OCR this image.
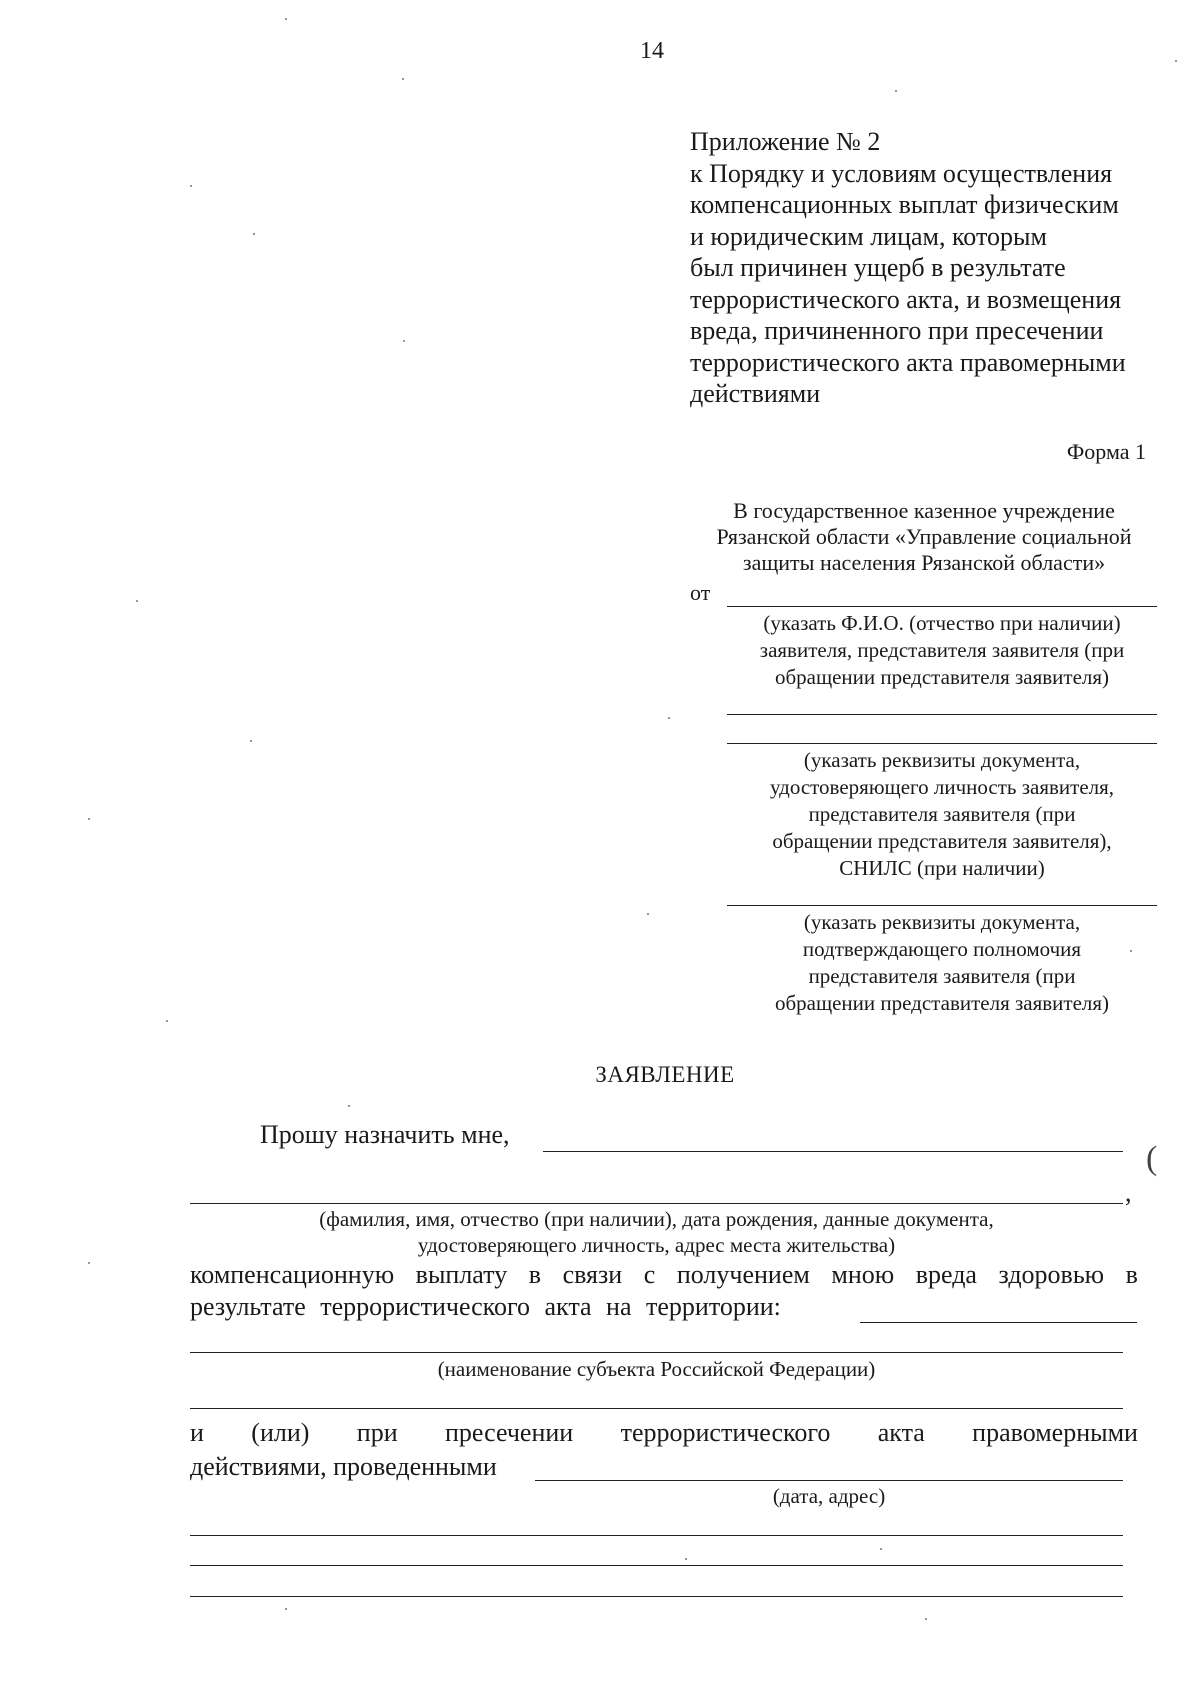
14
Приложение № 2
к Порядку и условиям осуществления
компенсационных выплат физическим
и юридическим лицам, которым
был причинен ущерб в результате
террористического акта, и возмещения
вреда, причиненного при пресечении
террористического акта правомерными
действиями
Форма 1
В государственное казенное учреждение
Рязанской области «Управление социальной
защиты населения Рязанской области»
от
(указать Ф.И.О. (отчество при наличии)
заявителя, представителя заявителя (при
обращении представителя заявителя)
(указать реквизиты документа,
удостоверяющего личность заявителя,
представителя заявителя (при
обращении представителя заявителя),
СНИЛС (при наличии)
(указать реквизиты документа,
подтверждающего полномочия
представителя заявителя (при
обращении представителя заявителя)
ЗАЯВЛЕНИЕ
Прошу назначить мне,
(
,
(фамилия, имя, отчество (при наличии), дата рождения, данные документа,
удостоверяющего личность, адрес места жительства)
компенсационную выплату в связи с получением мною вреда здоровью в
результате террористического акта на территории:
(наименование субъекта Российской Федерации)
и (или) при пресечении террористического акта правомерными
действиями, проведенными
(дата, адрес)
